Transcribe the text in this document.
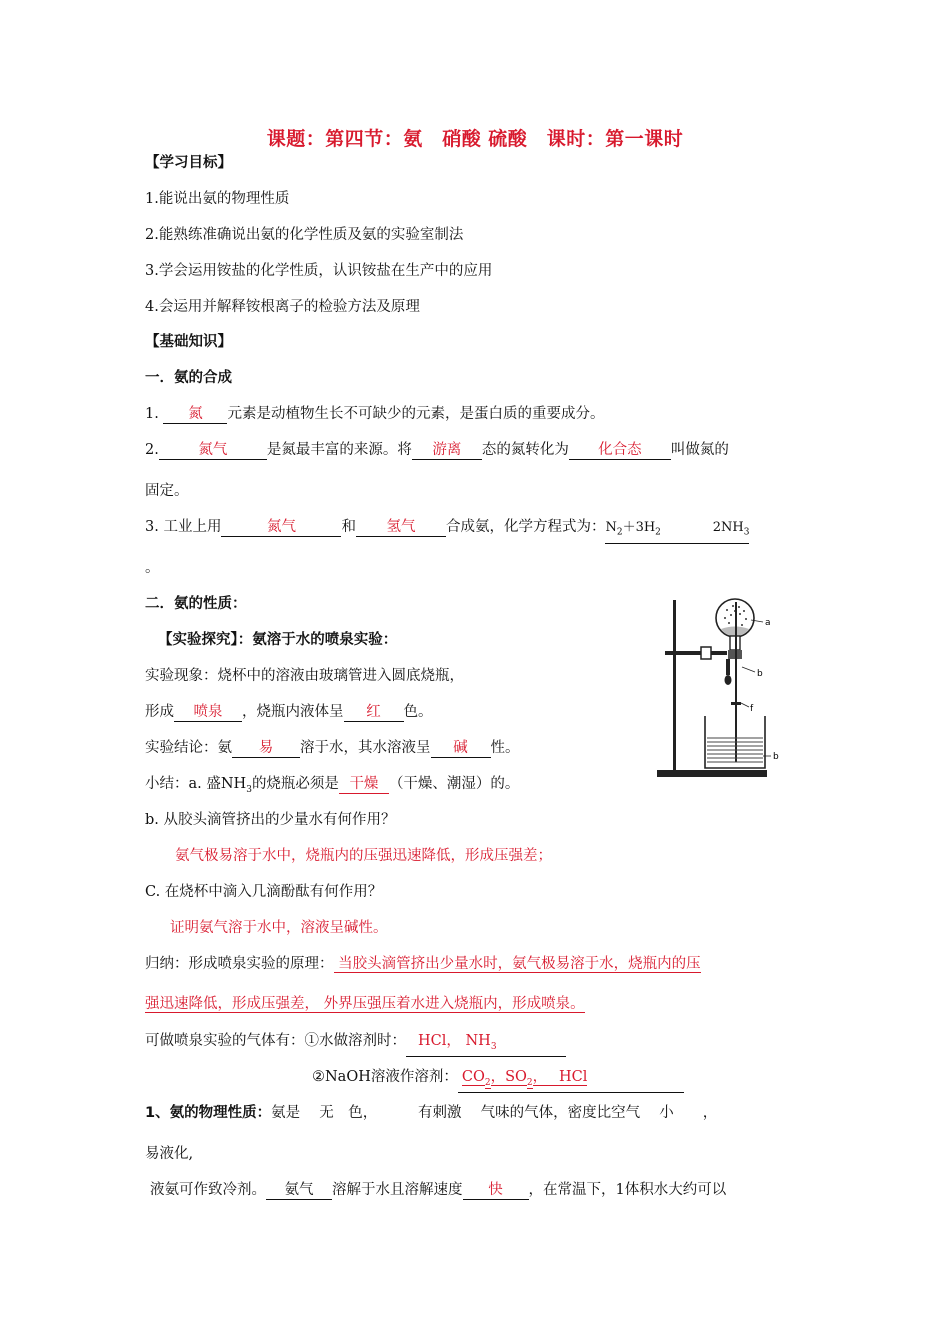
课题：第四节：氨　硝酸 硫酸　课时：第一课时
【学习目标】
1.能说出氨的物理性质
2.能熟练准确说出氨的化学性质及氨的实验室制法
3.学会运用铵盐的化学性质，认识铵盐在生产中的应用
4.会运用并解释铵根离子的检验方法及原理
【基础知识】
一．氨的合成
1. 氮 元素是动植物生长不可缺少的元素，是蛋白质的重要成分。
2.	氮气	是氮最丰富的来源。将 游离 态的氮转化为 化合态 叫做氮的
固定。
3. 工业上用	氮气	和 氢气 合成氨，化学方程式为：$N_2+3H_2$	$2NH_3$
。
二．氨的性质：
【实验探究】：氨溶于水的喷泉实验：
实验现象：烧杯中的溶液由玻璃管进入圆底烧瓶，
形成 喷泉 ，烧瓶内液体呈 红 色。
实验结论：氨 易 溶于水，其水溶液呈 碱 性。
小结：a. 盛$NH_3$的烧瓶必须是 干燥 （干燥、潮湿）的。
b. 从胶头滴管挤出的少量水有何作用？
氨气极易溶于水中，烧瓶内的压强迅速降低，形成压强差；
C. 在烧杯中滴入几滴酚酞有何作用？
证明氨气溶于水中，溶液呈碱性。
归纳：形成喷泉实验的原理： 当胶头滴管挤出少量水时，氨气极易溶于水，烧瓶内的压
强迅速降低，形成压强差， 外界压强压着水进入烧瓶内，形成喷泉。
可做喷泉实验的气体有：①水做溶剂时： HCl， $NH_3$
②NaOH溶液作溶剂： $CO_2$，$SO_2$，　 HCl
1、氨的物理性质：氨是　 无　色，　　　 有刺激　 气味的气体，密度比空气　 小　　，
易液化,
液氨可作致冷剂。 氨气 溶解于水且溶解速度 快 ，在常温下，1体积水大约可以
a
b
f
b
